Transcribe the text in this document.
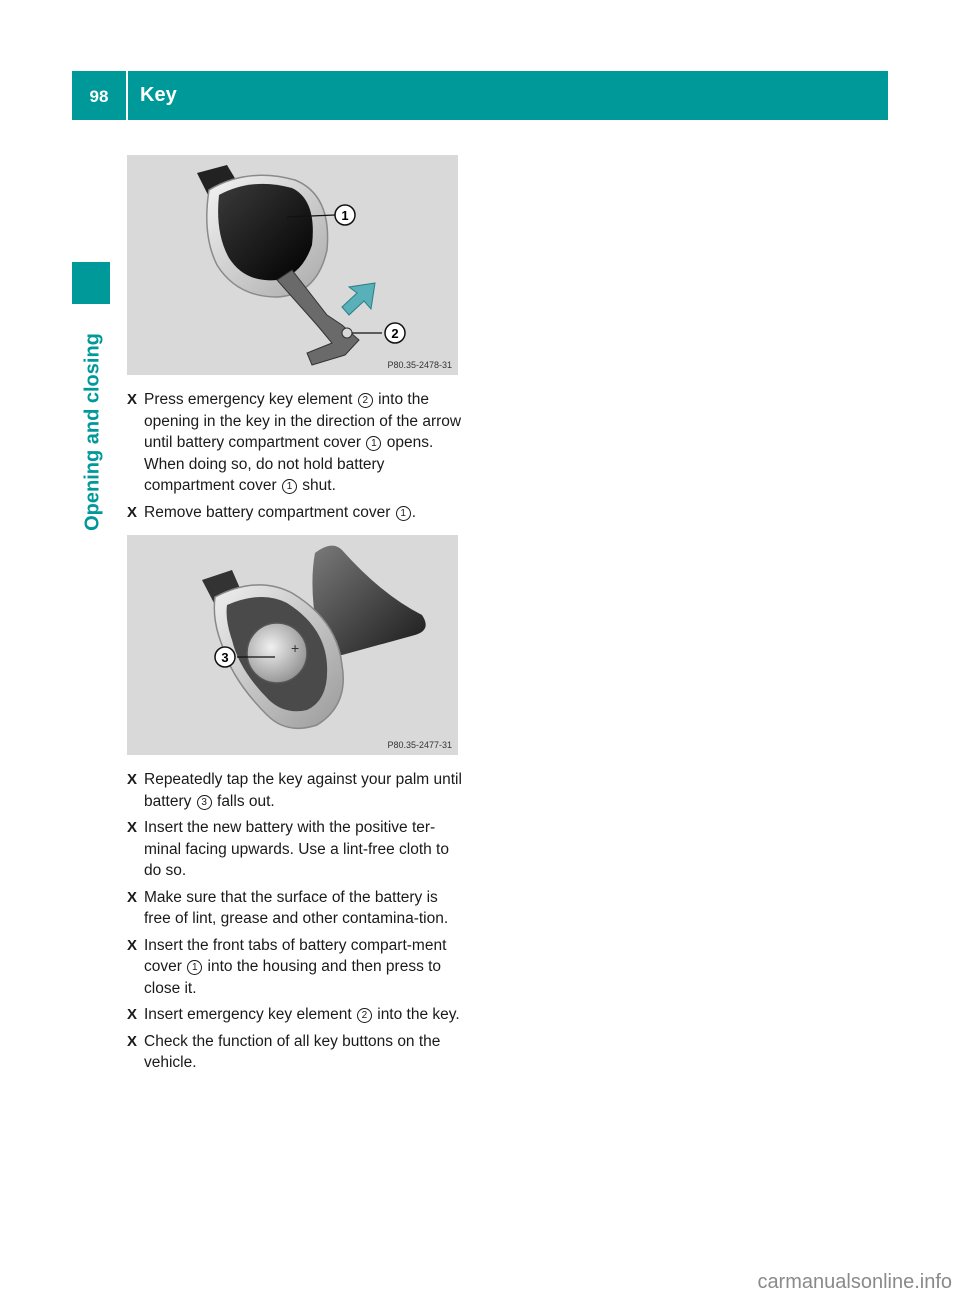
98	Key
Opening and closing
1
2
P80.35-2478-31
X Press emergency key element 2 into the opening in the key in the direction of the arrow until battery compartment cover 1 opens. When doing so, do not hold battery compartment cover 1 shut.
X Remove battery compartment cover 1 .
+
3
P80.35-2477-31
X Repeatedly tap the key against your palm until battery 3 falls out.
X Insert the new battery with the positive ter-minal facing upwards. Use a lint-free cloth to do so.
X Make sure that the surface of the battery is free of lint, grease and other contamina-tion.
X Insert the front tabs of battery compart-ment cover 1 into the housing and then press to close it.
X Insert emergency key element 2 into the key.
X Check the function of all key buttons on the vehicle.
carmanualsonline.info
